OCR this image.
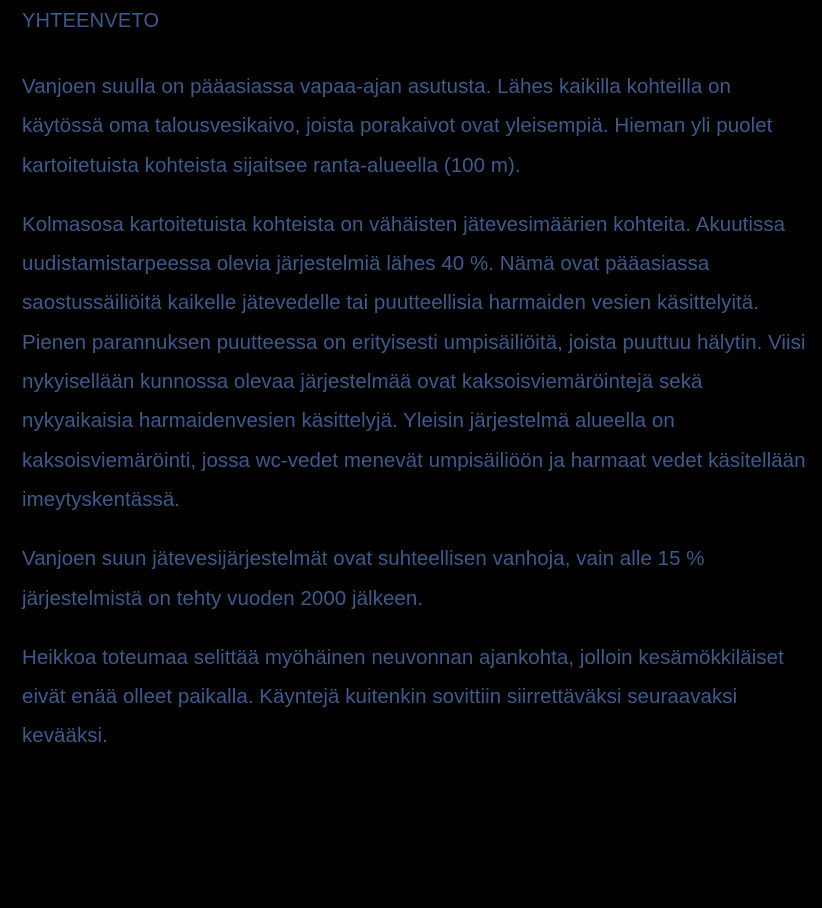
YHTEENVETO

Vanjoen suulla on pääasiassa vapaa-ajan asutusta. Lähes kaikilla kohteilla on käytössä oma talousvesikaivo, joista porakaivot ovat yleisempiä. Hieman yli puolet kartoitetuista kohteista sijaitsee ranta-alueella (100 m).

Kolmasosa kartoitetuista kohteista on vähäisten jätevesimäärien kohteita. Akuutissa uudistamistarpeessa olevia järjestelmiä lähes 40 %. Nämä ovat pääasiassa saostussäiliöitä kaikelle jätevedelle tai puutteellisia harmaiden vesien käsittelyitä. Pienen parannuksen puutteessa on erityisesti umpisäiliöitä, joista puuttuu hälytin. Viisi nykyisellään kunnossa olevaa järjestelmää ovat kaksoisviemäröintejä sekä nykyaikaisia harmaidenvesien käsittelyjä. Yleisin järjestelmä alueella on kaksoisviemäröinti, jossa wc-vedet menevät umpisäiliöön ja harmaat vedet käsitellään imeytyskentässä.

Vanjoen suun jätevesijärjestelmät ovat suhteellisen vanhoja, vain alle 15 % järjestelmistä on tehty vuoden 2000 jälkeen.

Heikkoa toteumaa selittää myöhäinen neuvonnan ajankohta, jolloin kesämökkiläiset eivät enää olleet paikalla. Käyntejä kuitenkin sovittiin siirrettäväksi seuraavaksi kevääksi.
